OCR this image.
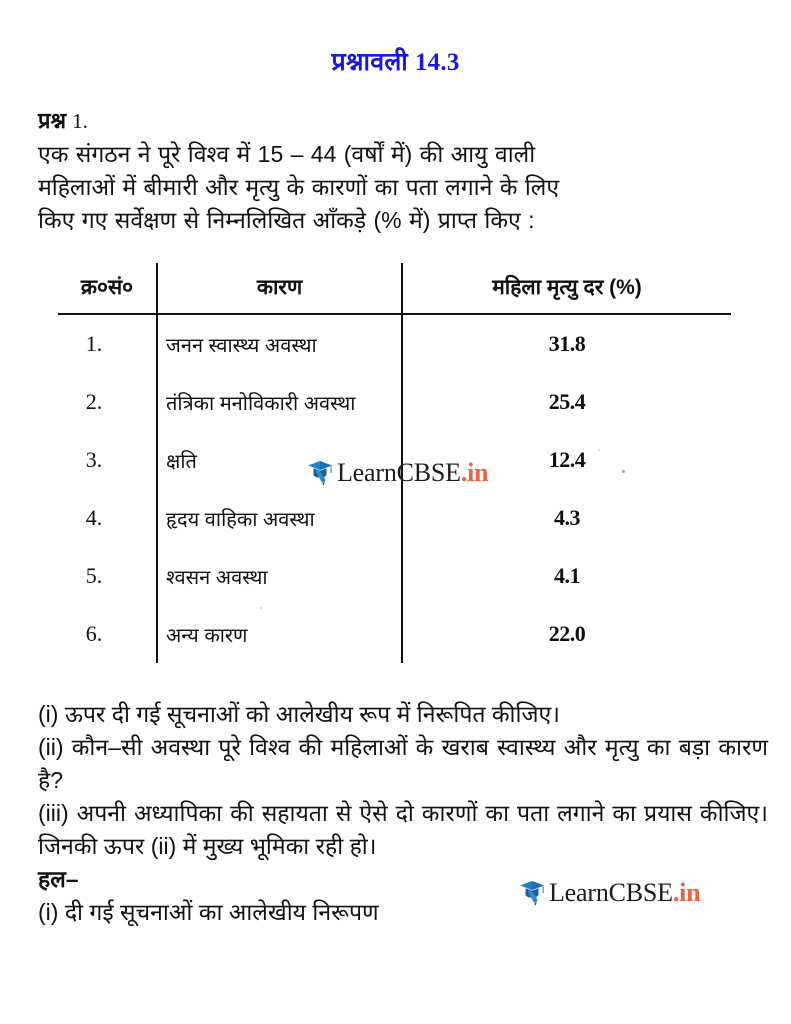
प्रश्नावली 14.3
प्रश्न 1.
एक संगठन ने पूरे विश्व में 15 – 44 (वर्षों में) की आयु वाली
महिलाओं में बीमारी और मृत्यु के कारणों का पता लगाने के लिए
किए गए सर्वेक्षण से निम्नलिखित आँकड़े (% में) प्राप्त किए :
क्र०सं०	कारण	महिला मृत्यु दर (%)
1.	जनन स्वास्थ्य अवस्था	31.8
2.	तंत्रिका मनोविकारी अवस्था	25.4
3.	क्षति	12.4
4.	हृदय वाहिका अवस्था	4.3
5.	श्वसन अवस्था	4.1
6.	अन्य कारण	22.0

(i) ऊपर दी गई सूचनाओं को आलेखीय रूप में निरूपित कीजिए।

(ii) कौन–सी अवस्था पूरे विश्व की महिलाओं के खराब स्वास्थ्य और मृत्यु का बड़ा कारण है?

(iii) अपनी अध्यापिका की सहायता से ऐसे दो कारणों का पता लगाने का प्रयास कीजिए। जिनकी ऊपर (ii) में मुख्य भूमिका रही हो।

हल–

(i) दी गई सूचनाओं का आलेखीय निरूपण

LearnCBSE.in
LearnCBSE.in
